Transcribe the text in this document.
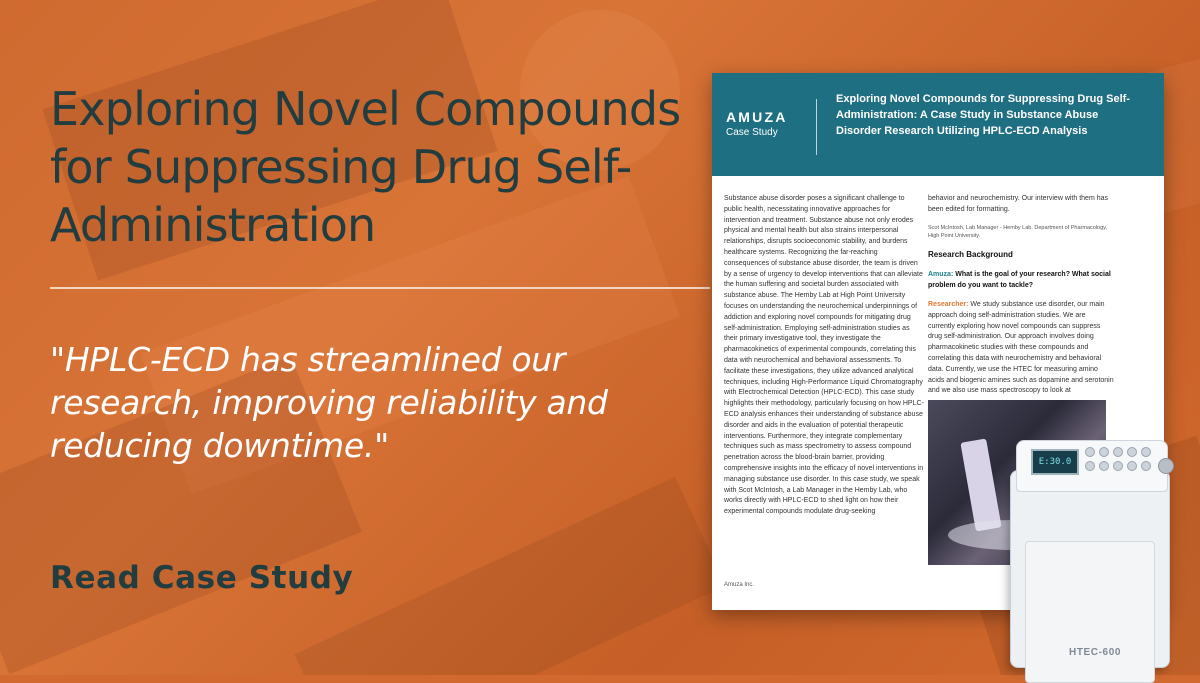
Exploring Novel Compounds for Suppressing Drug Self-Administration

"HPLC-ECD has streamlined our research, improving reliability and reducing downtime."

Read Case Study
AMUZA
Case Study
Exploring Novel Compounds for Suppressing Drug Self-Administration: A Case Study in Substance Abuse Disorder Research Utilizing HPLC-ECD Analysis

Substance abuse disorder poses a significant challenge to public health, necessitating innovative approaches for intervention and treatment. Substance abuse not only erodes physical and mental health but also strains interpersonal relationships, disrupts socioeconomic stability, and burdens healthcare systems. Recognizing the far-reaching consequences of substance abuse disorder, the team is driven by a sense of urgency to develop interventions that can alleviate the human suffering and societal burden associated with substance abuse. The Hemby Lab at High Point University focuses on understanding the neurochemical underpinnings of addiction and exploring novel compounds for mitigating drug self-administration. Employing self-administration studies as their primary investigative tool, they investigate the pharmacokinetics of experimental compounds, correlating this data with neurochemical and behavioral assessments. To facilitate these investigations, they utilize advanced analytical techniques, including High-Performance Liquid Chromatography with Electrochemical Detection (HPLC-ECD). This case study highlights their methodology, particularly focusing on how HPLC-ECD analysis enhances their understanding of substance abuse disorder and aids in the evaluation of potential therapeutic interventions. Furthermore, they integrate complementary techniques such as mass spectrometry to assess compound penetration across the blood-brain barrier, providing comprehensive insights into the efficacy of novel interventions in managing substance use disorder. In this case study, we speak with Scot McIntosh, a Lab Manager in the Hemby Lab, who works directly with HPLC-ECD to shed light on how their experimental compounds modulate drug-seeking

behavior and neurochemistry. Our interview with them has been edited for formatting.

Scot McIntosh, Lab Manager - Hemby Lab. Department of Pharmacology, High Point University.

Research Background

Amuza: What is the goal of your research? What social problem do you want to tackle?

Researcher: We study substance use disorder, our main approach doing self-administration studies. We are currently exploring how novel compounds can suppress drug self-administration. Our approach involves doing pharmacokinetic studies with these compounds and correlating this data with neurochemistry and behavioral data. Currently, we use the HTEC for measuring amino acids and biogenic amines such as dopamine and serotonin and we also use mass spectroscopy to look at

Amuza Inc.
HTEC-600
E:30.0
